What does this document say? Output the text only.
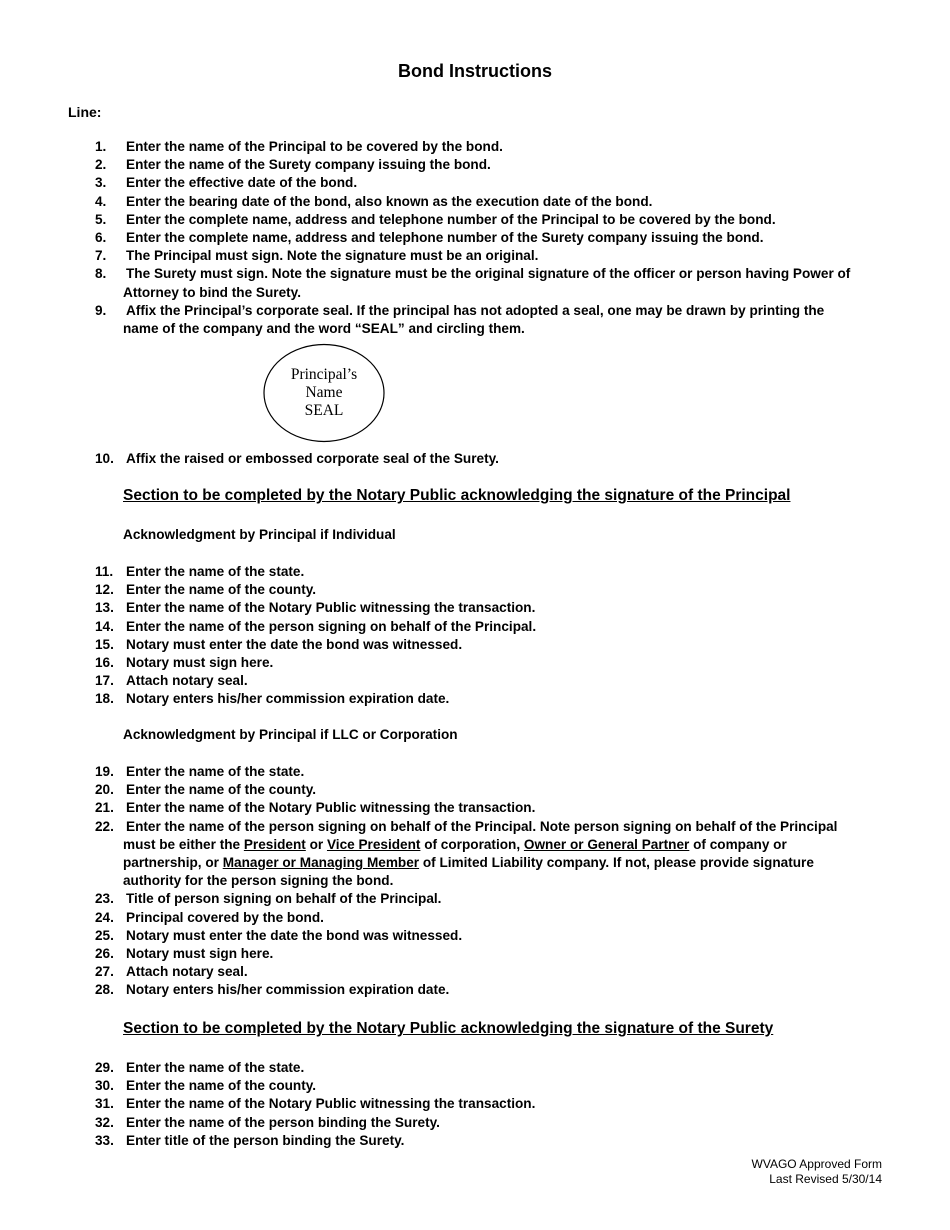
Bond Instructions
Line:
1.	Enter the name of the Principal to be covered by the bond.
2.	Enter the name of the Surety company issuing the bond.
3.	Enter the effective date of the bond.
4.	Enter the bearing date of the bond, also known as the execution date of the bond.
5.	Enter the complete name, address and telephone number of the Principal to be covered by the bond.
6.	Enter the complete name, address and telephone number of the Surety company issuing the bond.
7.	The Principal must sign. Note the signature must be an original.
8.	The Surety must sign. Note the signature must be the original signature of the officer or person having Power of
Attorney to bind the Surety.
9.	Affix the Principal’s corporate seal. If the principal has not adopted a seal, one may be drawn by printing the
name of the company and the word “SEAL” and circling them.
Principal’s
Name
SEAL
10. Affix the raised or embossed corporate seal of the Surety.
Section to be completed by the Notary Public acknowledging the signature of the Principal
Acknowledgment by Principal if Individual
11. Enter the name of the state.
12. Enter the name of the county.
13. Enter the name of the Notary Public witnessing the transaction.
14. Enter the name of the person signing on behalf of the Principal.
15. Notary must enter the date the bond was witnessed.
16. Notary must sign here.
17. Attach notary seal.
18. Notary enters his/her commission expiration date.
Acknowledgment by Principal if LLC or Corporation
19. Enter the name of the state.
20. Enter the name of the county.
21. Enter the name of the Notary Public witnessing the transaction.
22. Enter the name of the person signing on behalf of the Principal. Note person signing on behalf of the Principal
must be either the President or Vice President of corporation, Owner or General Partner of company or
partnership, or Manager or Managing Member of Limited Liability company. If not, please provide signature
authority for the person signing the bond.
23. Title of person signing on behalf of the Principal.
24. Principal covered by the bond.
25. Notary must enter the date the bond was witnessed.
26. Notary must sign here.
27. Attach notary seal.
28. Notary enters his/her commission expiration date.
Section to be completed by the Notary Public acknowledging the signature of the Surety
29. Enter the name of the state.
30. Enter the name of the county.
31. Enter the name of the Notary Public witnessing the transaction.
32. Enter the name of the person binding the Surety.
33. Enter title of the person binding the Surety.
WVAGO Approved Form
Last Revised 5/30/14
